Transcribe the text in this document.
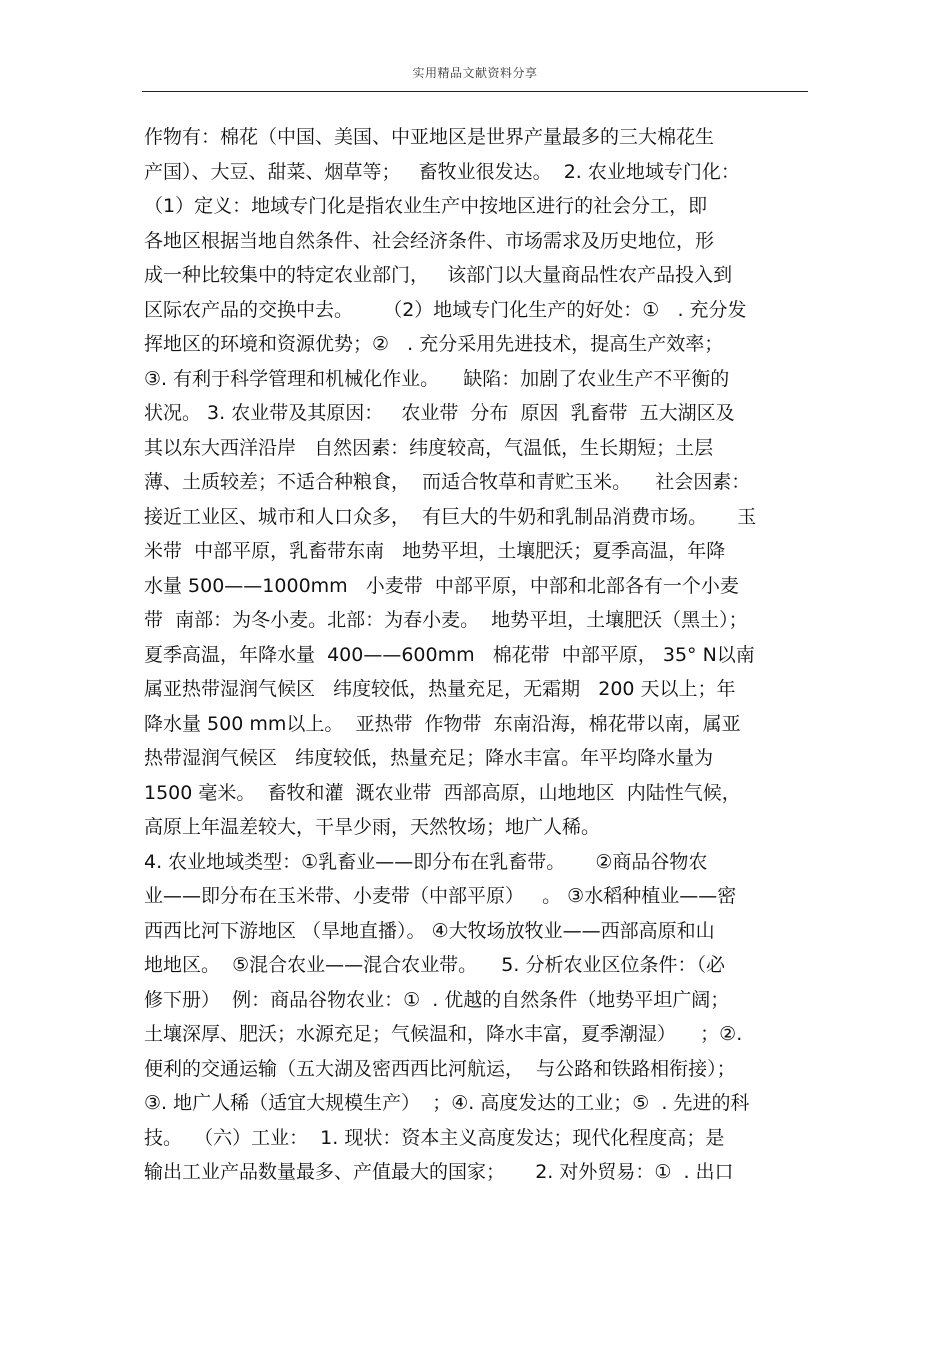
实用精品文献资料分享
作物有：棉花（中国、美国、中亚地区是世界产量最多的三大棉花生
产国）、大豆、甜菜、烟草等；   畜牧业很发达。  2. 农业地域专门化：
（1）定义：地域专门化是指农业生产中按地区进行的社会分工，即
各地区根据当地自然条件、社会经济条件、市场需求及历史地位，形
成一种比较集中的特定农业部门，   该部门以大量商品性农产品投入到
区际农产品的交换中去。     （2）地域专门化生产的好处：①   . 充分发
挥地区的环境和资源优势；②   . 充分采用先进技术，提高生产效率；
③. 有利于科学管理和机械化作业。    缺陷：加剧了农业生产不平衡的
状况。 3. 农业带及其原因：   农业带  分布  原因  乳畜带  五大湖区及
其以东大西洋沿岸   自然因素：纬度较高，气温低，生长期短；土层
薄、土质较差；不适合种粮食，  而适合牧草和青贮玉米。    社会因素：
接近工业区、城市和人口众多，  有巨大的牛奶和乳制品消费市场。     玉
米带  中部平原，乳畜带东南   地势平坦，土壤肥沃；夏季高温，年降
水量 500——1000mm   小麦带  中部平原，中部和北部各有一个小麦
带  南部：为冬小麦。北部：为春小麦。  地势平坦，土壤肥沃（黑土）；
夏季高温，年降水量  400——600mm   棉花带  中部平原， 35° N以南
属亚热带湿润气候区   纬度较低，热量充足，无霜期   200 天以上；年
降水量 500 mm以上。  亚热带  作物带  东南沿海，棉花带以南，属亚
热带湿润气候区   纬度较低，热量充足；降水丰富。年平均降水量为
1500 毫米。  畜牧和灌  溉农业带  西部高原，山地地区  内陆性气候，
高原上年温差较大，干旱少雨，天然牧场；地广人稀。
4. 农业地域类型：①乳畜业——即分布在乳畜带。     ②商品谷物农
业——即分布在玉米带、小麦带（中部平原）   。 ③水稻种植业——密
西西比河下游地区 （旱地直播）。 ④大牧场放牧业——西部高原和山
地地区。  ⑤混合农业——混合农业带。    5. 分析农业区位条件：（必
修下册）  例：商品谷物农业：①  . 优越的自然条件（地势平坦广阔；
土壤深厚、肥沃；水源充足；气候温和，降水丰富，夏季潮湿）    ；②.
便利的交通运输（五大湖及密西西比河航运，  与公路和铁路相衔接）；
③. 地广人稀（适宜大规模生产）  ；④. 高度发达的工业；⑤  . 先进的科
技。  （六）工业：  1. 现状：资本主义高度发达；现代化程度高；是
输出工业产品数量最多、产值最大的国家；     2. 对外贸易：①  . 出口
